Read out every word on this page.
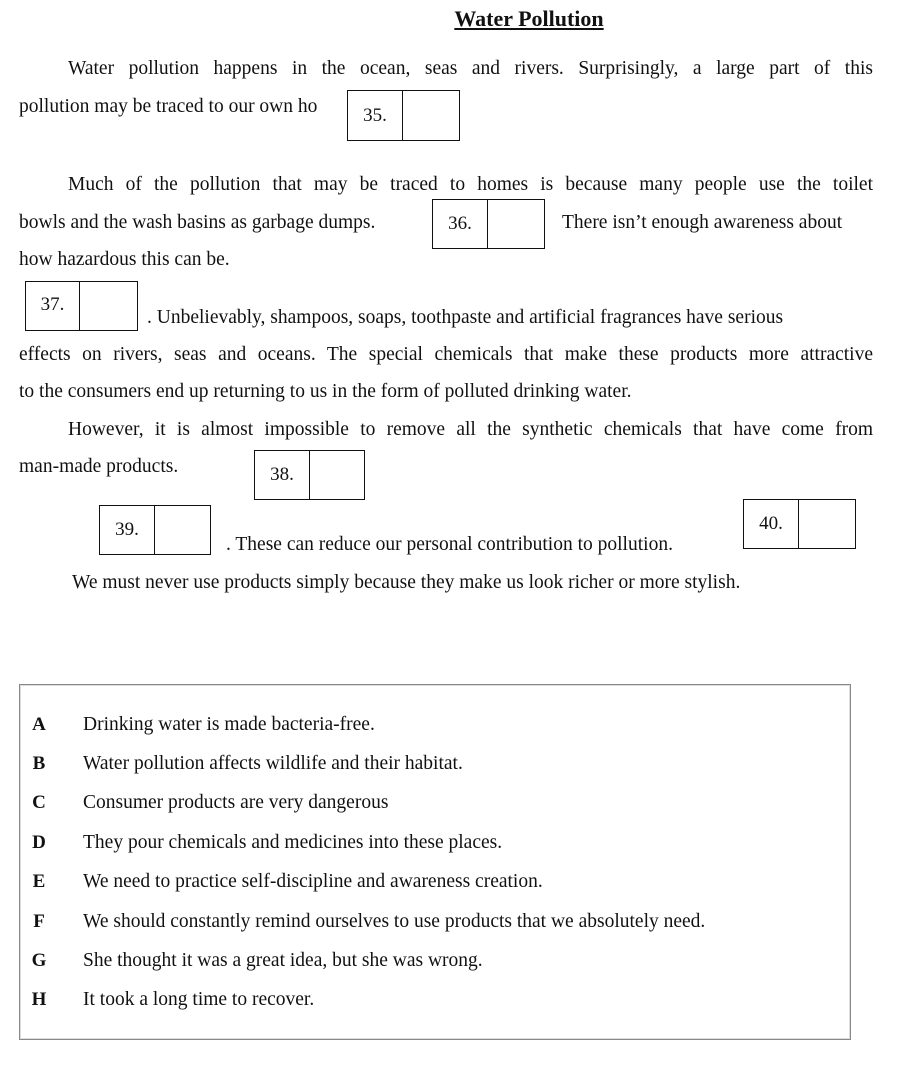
Water Pollution
Water pollution happens in the ocean, seas and rivers. Surprisingly, a large part of this
pollution may be traced to our own ho	35.
Much of the pollution that may be traced to homes is because many people use the toilet
bowls and the wash basins as garbage dumps.	36.	There isn’t enough awareness about
how hazardous this can be.
37.
. Unbelievably, shampoos, soaps, toothpaste and artificial fragrances have serious
effects on rivers, seas and oceans. The special chemicals that make these products more attractive
to the consumers end up returning to us in the form of polluted drinking water.
However, it is almost impossible to remove all the synthetic chemicals that have come from
man-made products.	38.
39.
. These can reduce our personal contribution to pollution.
40.
We must never use products simply because they make us look richer or more stylish.
A	Drinking water is made bacteria-free.
B	Water pollution affects wildlife and their habitat.
C	Consumer products are very dangerous
D	They pour chemicals and medicines into these places.
E	We need to practice self-discipline and awareness creation.
F	We should constantly remind ourselves to use products that we absolutely need.
G	She thought it was a great idea, but she was wrong.
H	It took a long time to recover.
